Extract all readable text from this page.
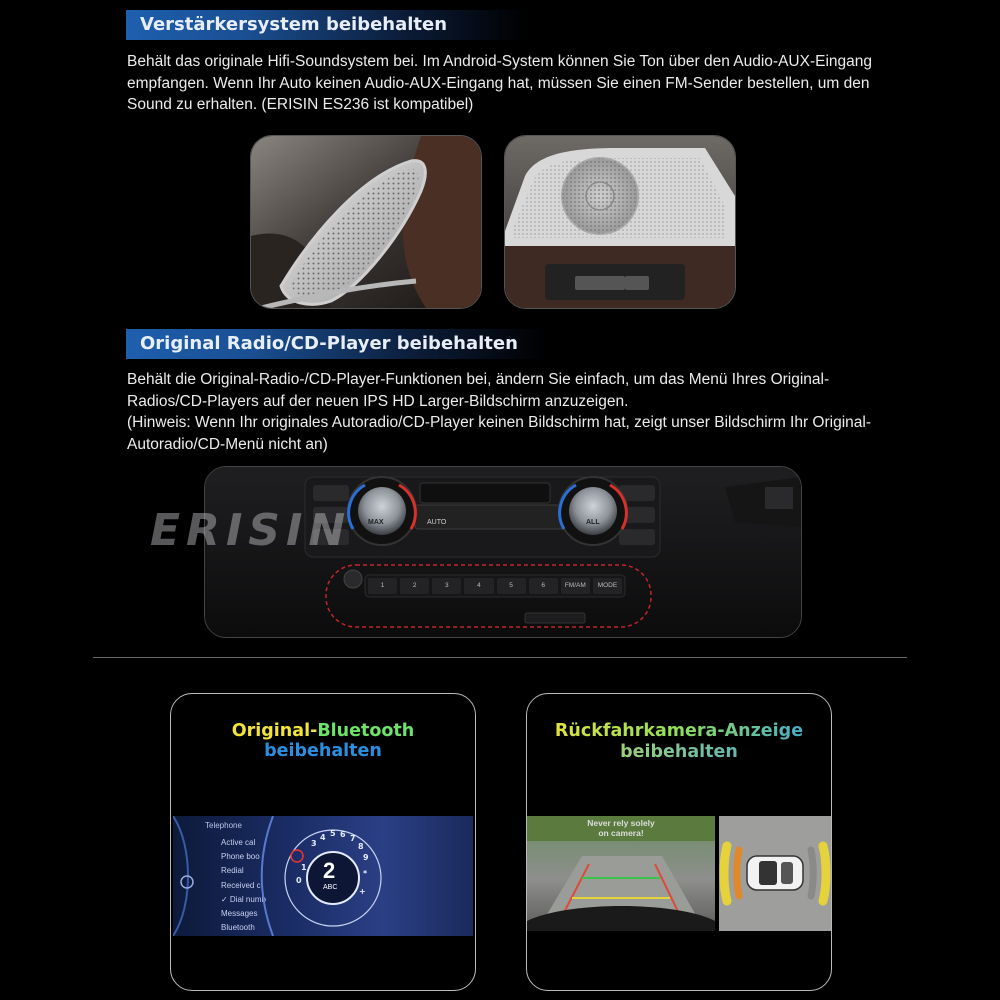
Verstärkersystem beibehalten

Behält das originale Hifi-Soundsystem bei. Im Android-System können Sie Ton über den Audio-AUX-Eingang empfangen. Wenn Ihr Auto keinen Audio-AUX-Eingang hat, müssen Sie einen FM-Sender bestellen, um den Sound zu erhalten. (ERISIN ES236 ist kompatibel)

Original Radio/CD-Player beibehalten

Behält die Original-Radio-/CD-Player-Funktionen bei, ändern Sie einfach, um das Menü Ihres Original-Radios/CD-Players auf der neuen IPS HD Larger-Bildschirm anzuzeigen.

(Hinweis: Wenn Ihr originales Autoradio/CD-Player keinen Bildschirm hat, zeigt unser Bildschirm Ihr Original-Autoradio/CD-Menü nicht an)

MAX	ALL
AUTO
1	2	3	4	5	6	FM/AM	MODE
ERISIN
Original-Bluetooth beibehalten
Telephone
Active cal
Phone boo
Redial
Received c
✓ Dial numb
Messages
Bluetooth
4 5 6 7
8
9
3
1
0
*
+
2
ABC
Rückfahrkamera-Anzeige
beibehalten
Never rely solely
on camera!
